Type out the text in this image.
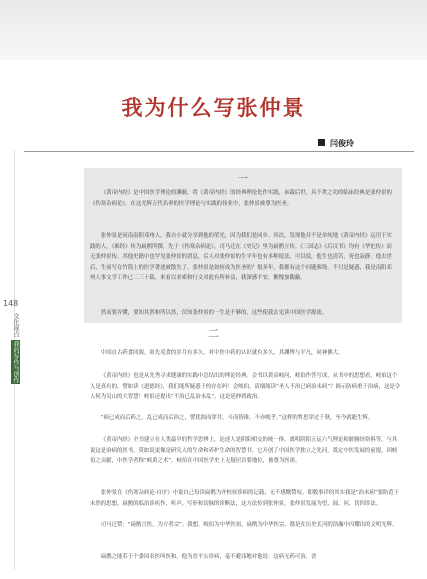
我为什么写张仲景
闫俊玲
148
文化视点
我的写作与创作
一

《黄帝内经》是中国医学理论的渊薮，将《黄帝内经》的经典理论化作实践，承载后世，具不世之功的临床经典是张仲景的《伤寒杂病论》，在这光辉万代名垂的医学理论与实践的伟业中，张仲景被尊为医圣。

张仲景是河南南阳邓州人，我自小就分享到他的荣光，因为我们是同乡。其次，发现他并不是单纯地《黄帝内经》运用于实践的人，《难经》传为扁鹊所撰，先于《伤寒杂病论》，司马迁在《史记》里为扁鹊立传。《三国志》《后汉书》均有《华佗传》而无张仲景传，其他史籍中也罕见张仲景的消息，后人对张仲景的生平年也有多种说法，可以说，他生也清苦，死也寂静。他去世后，生前写在竹简上的医学著述被散失了。张仲景是如何成为医圣的？很多年，我都有这个问题萦绕。不只是疑惑，我是南阳邓州人事文学工作已二三十载，来看以求索和行文对此有所补益，我深感不安，惭愧加馥蔽。

然而要弄懂，要知其然和所以然，仅知张仲景的一生是不够的，这些使我去见读中国医学源流。

二

中国自古药食同源。祖先觅食的岁月有多久，对中医中药的认识就有多久，其渊博与平凡，同神佛大。

《黄帝内经》也是从先秀寻求健康的实践中总结出的理论经典。会书以黄帝岐问，岐伯作答写成，从书中的思想看，岐伯这个人是真有的。譬如读《道德经》，我们能所疑惑于的存在吗！会岐伯，请细阅读“圣人不治已病治未病”？揭示防病重于治病，这是令人何为吴山的大智慧！岐伯还提出“不治已乱治未乱”，这是延伸到政治。

“病已成而后药之，乱已成而后治之，譬犹渴而穿井，斗而铸锥，不亦晚乎。”这样的哲思穿过千秋，至今就能生辉。

《黄帝内经》全书建立在人类最早的哲学思辨上，论述人是阴阳相交的统一体，离明阴阳五运六气理论和脏腑经络俱等，与其说这是治病的医书，莫如说更像是研究人的生命和养护生命的智慧书。它开创了中国医学独立之先河，奠定中医发展的前提。因岐伯之贡献，中医学者称“岐黄之术”，岐伯在中国医学史上无疑居首要地位，被尊为医祖。

张仲景在《伤寒杂病论·自序》中说自己每读扁鹊为齐桓侯诊病的记载，无不感慨赞叹。即数事详的其实我是“治未病”要防范于未然的思想。扁鹊的临治诊疾作，听声、写形和切脉的诊断法，这方法传到张仲景，张仲景发展为望、闻、问、切四诊法。

司马迁赞：“扁鹊言医，为方者宗”。我想，岐伯为中华医祖，扁鹊为中华医宗，都是在历史长河的浩瀚中闪耀出的文明光辉。

扁鹊之能若于个委国名医叫医和，他为晋平公诊病，毫不避讳地对他说：这病无药可治，晋
